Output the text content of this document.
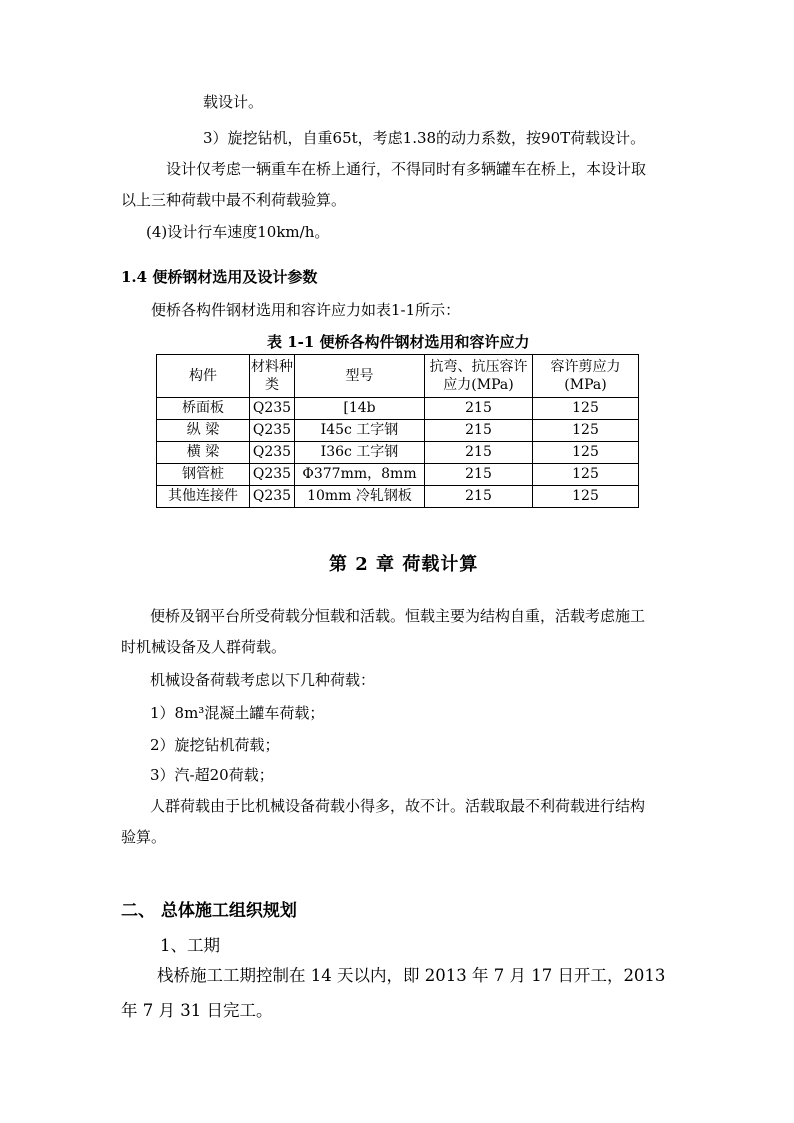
载设计。
3）旋挖钻机，自重65t，考虑1.38的动力系数，按90T荷载设计。
设计仅考虑一辆重车在桥上通行，不得同时有多辆罐车在桥上，本设计取
以上三种荷载中最不利荷载验算。
(4)设计行车速度10km/h。
1.4 便桥钢材选用及设计参数
便桥各构件钢材选用和容许应力如表1-1所示：
表 1-1 便桥各构件钢材选用和容许应力
构件	材料种类	型号	抗弯、抗压容许应力(MPa)	容许剪应力(MPa)
桥面板	Q235	[14b	215	125
纵 梁	Q235	I45c 工字钢	215	125
横 梁	Q235	I36c 工字钢	215	125
钢管桩	Q235	Φ377mm，8mm	215	125
其他连接件	Q235	10mm 冷轧钢板	215	125
第 2 章 荷载计算
便桥及钢平台所受荷载分恒载和活载。恒载主要为结构自重，活载考虑施工
时机械设备及人群荷载。
机械设备荷载考虑以下几种荷载：
1）8m³混凝土罐车荷载；
2）旋挖钻机荷载；
3）汽-超20荷载；
人群荷载由于比机械设备荷载小得多，故不计。活载取最不利荷载进行结构
验算。
二、 总体施工组织规划
1、工期
栈桥施工工期控制在 14 天以内，即 2013 年 7 月 17 日开工，2013
年 7 月 31 日完工。
